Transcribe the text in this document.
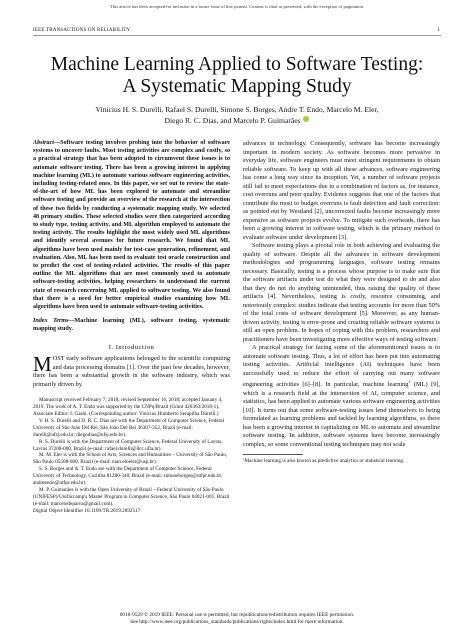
This article has been accepted for inclusion in a future issue of this journal. Content is final as presented, with the exception of pagination.
IEEE TRANSACTIONS ON RELIABILITY	1
Machine Learning Applied to Software Testing:
A Systematic Mapping Study
Vinicius H. S. Durelli, Rafael S. Durelli, Simone S. Borges, Andre T. Endo, Marcelo M. Eler,
Diego R. C. Dias, and Marcelo P. Guimarães
Abstract—Software testing involves probing into the behavior of software systems to uncover faults. Most testing activities are complex and costly, so a practical strategy that has been adopted to circumvent these issues is to automate software testing. There has been a growing interest in applying machine learning (ML) to automate various software engineering activities, including testing-related ones. In this paper, we set out to review the state-of-the-art of how ML has been explored to automate and streamline software testing and provide an overview of the research at the intersection of these two fields by conducting a systematic mapping study. We selected 48 primary studies. These selected studies were then categorized according to study type, testing activity, and ML algorithm employed to automate the testing activity. The results highlight the most widely used ML algorithms and identify several avenues for future research. We found that ML algorithms have been used mainly for test-case generation, refinement, and evaluation. Also, ML has been used to evaluate test oracle construction and to predict the cost of testing-related activities. The results of this paper outline the ML algorithms that are most commonly used to automate software-testing activities, helping researchers to understand the current state of research concerning ML applied to software testing. We also found that there is a need for better empirical studies examining how ML algorithms have been used to automate software-testing activities.
Index Terms—Machine learning (ML), software testing, systematic mapping study.
I. Introduction

MOST early software applications belonged to the scientific computing and data processing domains [1]. Over the past few decades, however, there has been a substantial growth in the software industry, which was primarily driven by

Manuscript received February 7, 2018; revised September 16, 2018; accepted January 4, 2019. The work of A. T. Endo was supported by the CNPq/Brazil (Grant 420363/2018-1). Associate Editor: I. Gashi. (Corresponding author: Vinicius Humberto Serapilha Durelli.)

V. H. S. Durelli and D. R. C. Dias are with the Department of Computer Science, Federal University of São João Del Rei, São João Del Rei 36307-352, Brazil (e-mail: durelli@ufsj.edu.br; diegodias@ufsj.edu.br).

R. S. Durelli is with the Department of Computer Science, Federal University of Lavras, Lavras 37200-000, Brazil (e-mail: rafael.durelli@dcc.ufla.br).

M. M. Eler is with the School of Arts, Sciences and Humanities – University of São Paulo, São Paulo 05508-000, Brazil (e-mail: marceloeler@usp.br).

S. S. Borges and A. T. Endo are with the Department of Computer Science, Federal University of Technology, Curitiba 81280-340, Brazil (e-mail: simoneborges@utfpr.edu.br; andreendo@utfpr.edu.br).

M. P. Guimarães is with the Open University of Brazil – Federal University of São Paulo (UNIFESP)/Unifaccamp's Master Program in Computer Science, São Paulo 04021-001, Brazil (e-mail: marcelodepaiva@gmail.com).

Digital Object Identifier 10.1109/TR.2019.2892517

advances in technology. Consequently, software has become increasingly important in modern society. As software becomes more pervasive in everyday life, software engineers must meet stringent requirements to obtain reliable software. To keep up with all these advances, software engineering has come a long way since its inception. Yet, a number of software projects still fail to meet expectations due to a combination of factors as, for instance, cost overruns and poor quality. Evidence suggests that one of the factors that contribute the most to budget overruns is fault detection and fault correction: as pointed out by Westland [2], uncorrected faults become increasingly more expensive as software projects evolve. To mitigate such overheads, there has been a growing interest in software testing, which is the primary method to evaluate software under development [3].

Software testing plays a pivotal role in both achieving and evaluating the quality of software. Despite all the advances in software development methodologies and programming languages, software testing remains necessary. Basically, testing is a process whose purpose is to make sure that the software artifacts under test do what they were designed to do and also that they do not do anything unintended, thus raising the quality of these artifacts [4]. Nevertheless, testing is costly, resource consuming, and notoriously complex: studies indicate that testing accounts for more than 50% of the total costs of software development [5]. Moreover, as any human-driven activity, testing is error-prone and creating reliable software systems is still an open problem. In hopes of coping with this problem, researchers and practitioners have been investigating more effective ways of testing software.

A practical strategy for facing some of the aforementioned issues is to automate software testing. Thus, a lot of effort has been put into automating testing activities. Artificial intelligence (AI) techniques have been successfully used to reduce the effort of carrying out many software engineering activities [6]–[8]. In particular, machine learning$^1$ (ML) [9], which is a research field at the intersection of AI, computer science, and statistics, has been applied to automate various software engineering activities [10]. It turns out that some software-testing issues lend themselves to being formulated as learning problems and tackled by learning algorithms, so there has been a growing interest in capitalizing on ML to automate and streamline software testing. In addition, software systems have become increasingly complex, so some conventional testing techniques may not scale

¹Machine learning is also known as predictive analytics or statistical learning.
0018-9529 © 2019 IEEE. Personal use is permitted, but republication/redistribution requires IEEE permission.
See http://www.ieee.org/publications_standards/publications/rights/index.html for more information.
